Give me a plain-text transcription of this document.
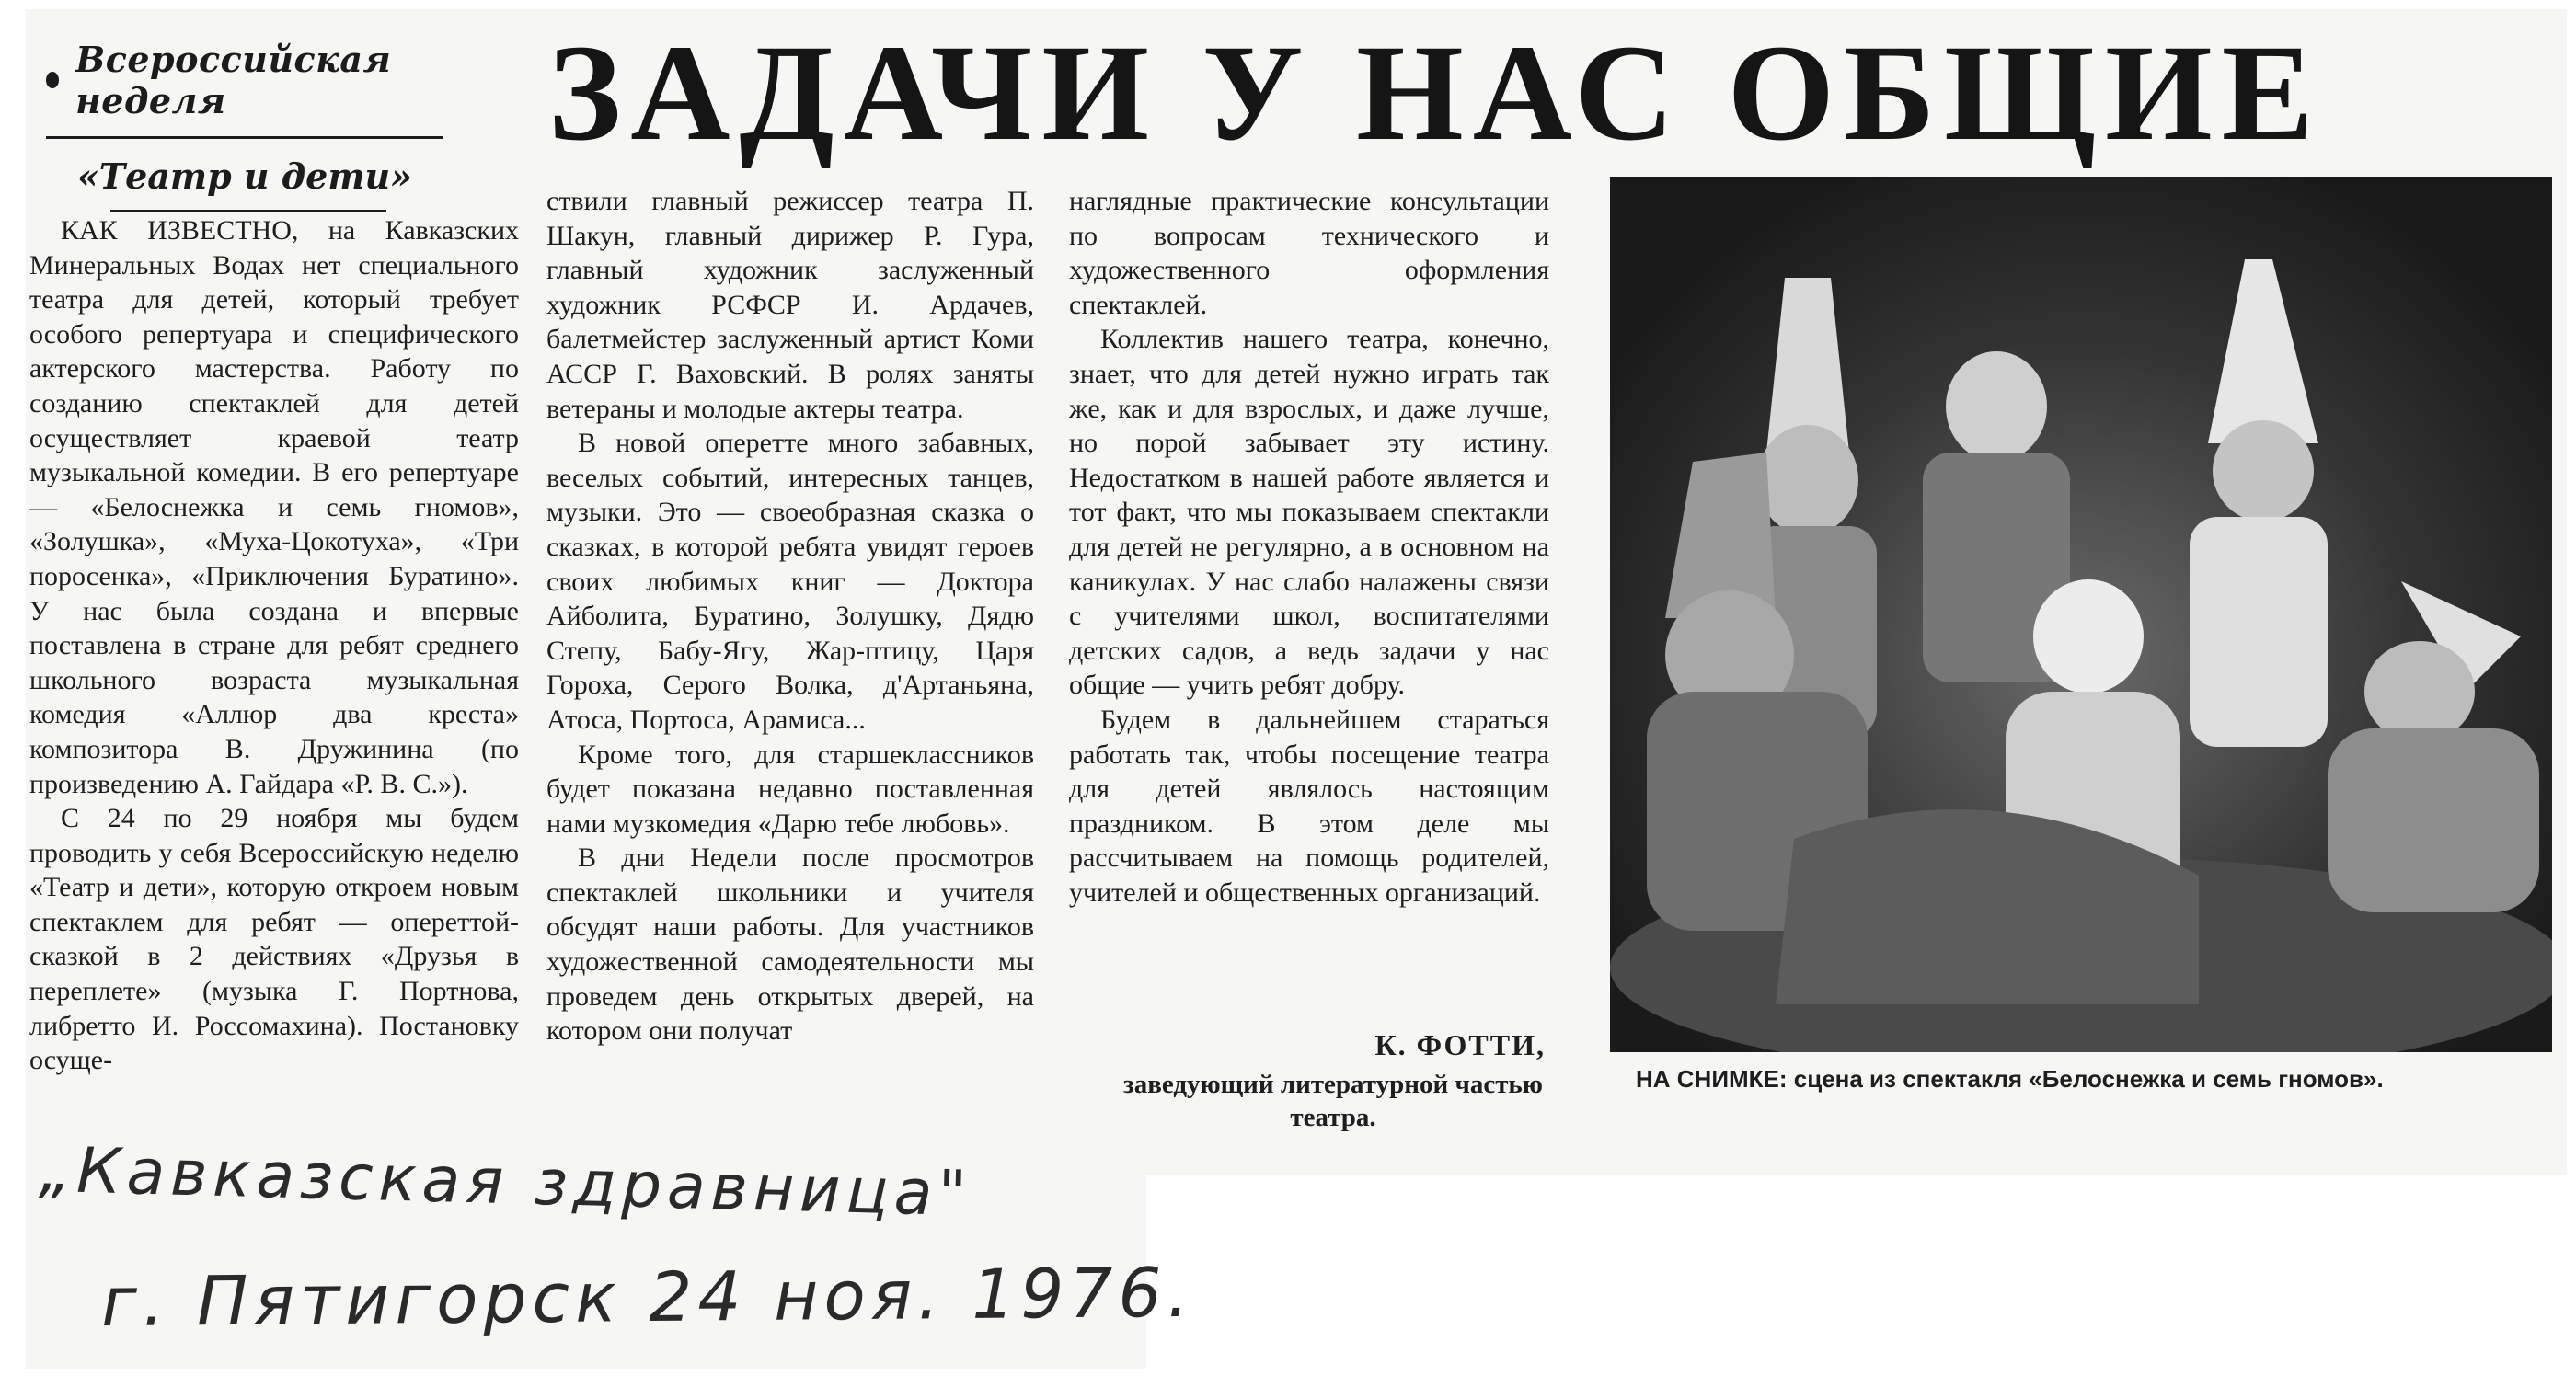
Всероссийская неделя
«Театр и дети»
ЗАДАЧИ У НАС ОБЩИЕ

КАК ИЗВЕСТНО, на Кавказских Минеральных Водах нет специального театра для детей, который требует особого репертуара и специфического актерского мастерства. Работу по созданию спектаклей для детей осуществляет краевой театр музыкальной комедии. В его репертуаре — «Белоснежка и семь гномов», «Золушка», «Муха-Цокотуха», «Три поросенка», «Приключения Буратино». У нас была создана и впервые поставлена в стране для ребят среднего школьного возраста музыкальная комедия «Аллюр два креста» композитора В. Дружинина (по произведению А. Гайдара «Р. В. С.»).

С 24 по 29 ноября мы будем проводить у себя Всероссийскую неделю «Театр и дети», которую откроем новым спектаклем для ребят — опереттой-сказкой в 2 действиях «Друзья в переплете» (музыка Г. Портнова, либретто И. Россомахина). Постановку осуще-

ствили главный режиссер театра П. Шакун, главный дирижер Р. Гура, главный художник заслуженный художник РСФСР И. Ардачев, балетмейстер заслуженный артист Коми АССР Г. Ваховский. В ролях заняты ветераны и молодые актеры театра.

В новой оперетте много забавных, веселых событий, интересных танцев, музыки. Это — своеобразная сказка о сказках, в которой ребята увидят героев своих любимых книг — Доктора Айболита, Буратино, Золушку, Дядю Степу, Бабу-Ягу, Жар-птицу, Царя Гороха, Серого Волка, д'Артаньяна, Атоса, Портоса, Арамиса...

Кроме того, для старшеклассников будет показана недавно поставленная нами музкомедия «Дарю тебе любовь».

В дни Недели после просмотров спектаклей школьники и учителя обсудят наши работы. Для участников художественной самодеятельности мы проведем день открытых дверей, на котором они получат

наглядные практические консультации по вопросам технического и художественного оформления спектаклей.

Коллектив нашего театра, конечно, знает, что для детей нужно играть так же, как и для взрослых, и даже лучше, но порой забывает эту истину. Недостатком в нашей работе является и тот факт, что мы показываем спектакли для детей не регулярно, а в основном на каникулах. У нас слабо налажены связи с учителями школ, воспитателями детских садов, а ведь задачи у нас общие — учить ребят добру.

Будем в дальнейшем стараться работать так, чтобы посещение театра для детей являлось настоящим праздником. В этом деле мы рассчитываем на помощь родителей, учителей и общественных организаций.

К. ФОТТИ,
заведующий литературной частью театра.
НА СНИМКЕ: сцена из спектакля «Белоснежка и семь гномов».
„Кавказская здравница"
г. Пятигорск 24 ноя. 1976.
